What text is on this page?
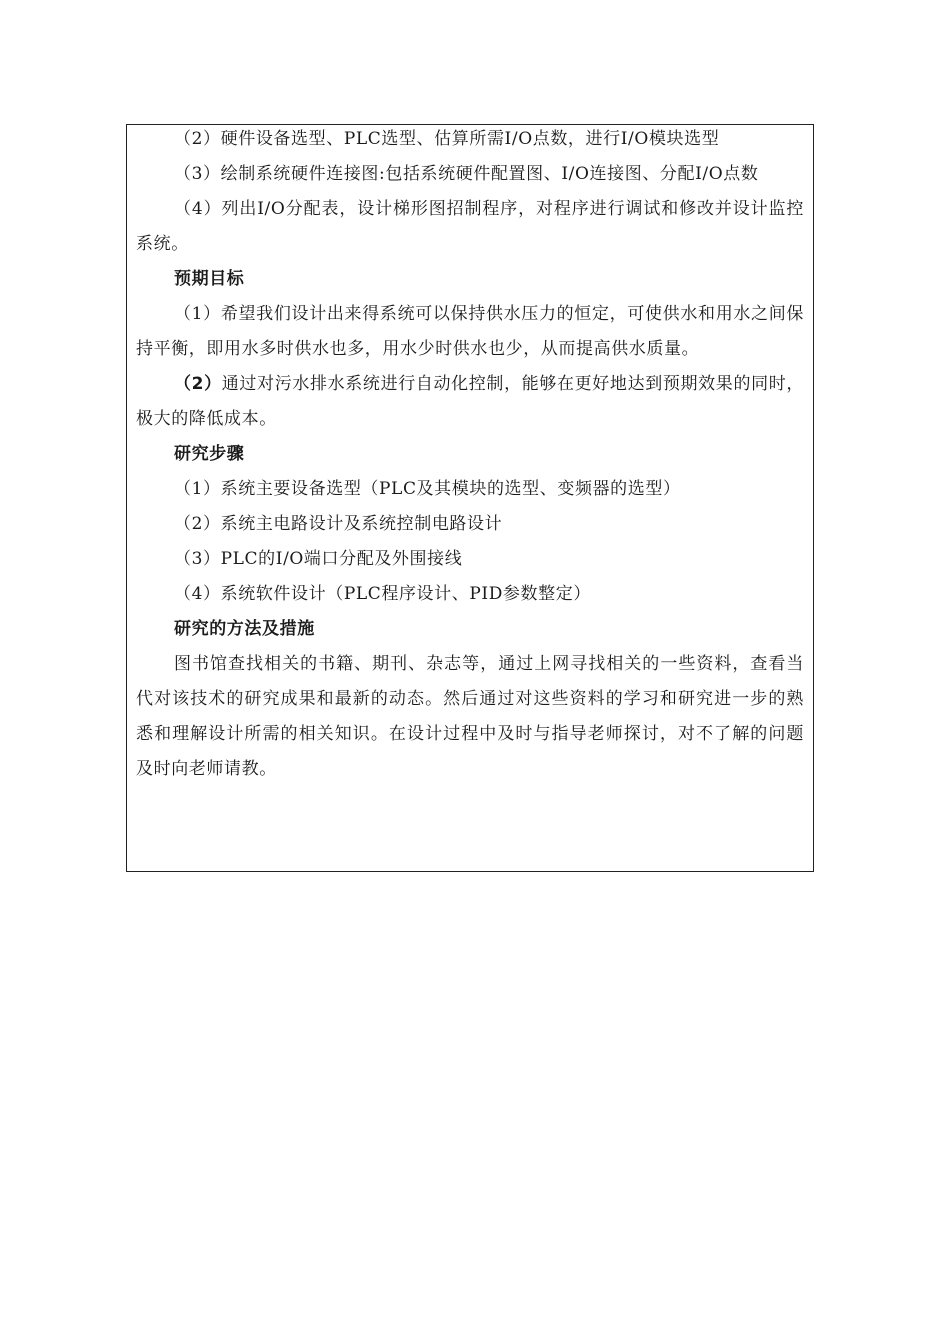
（2）硬件设备选型、PLC选型、估算所需I/O点数，进行I/O模块选型

（3）绘制系统硬件连接图:包括系统硬件配置图、I/O连接图、分配I/O点数

（4）列出I/O分配表，设计梯形图招制程序，对程序进行调试和修改并设计监控系统。

预期目标

（1）希望我们设计出来得系统可以保持供水压力的恒定，可使供水和用水之间保持平衡，即用水多时供水也多，用水少时供水也少，从而提高供水质量。

（2）通过对污水排水系统进行自动化控制，能够在更好地达到预期效果的同时，极大的降低成本。

研究步骤

（1）系统主要设备选型（PLC及其模块的选型、变频器的选型）

（2）系统主电路设计及系统控制电路设计

（3）PLC的I/O端口分配及外围接线

（4）系统软件设计（PLC程序设计、PID参数整定）

研究的方法及措施

图书馆查找相关的书籍、期刊、杂志等，通过上网寻找相关的一些资料，查看当代对该技术的研究成果和最新的动态。然后通过对这些资料的学习和研究进一步的熟悉和理解设计所需的相关知识。在设计过程中及时与指导老师探讨，对不了解的问题及时向老师请教。
